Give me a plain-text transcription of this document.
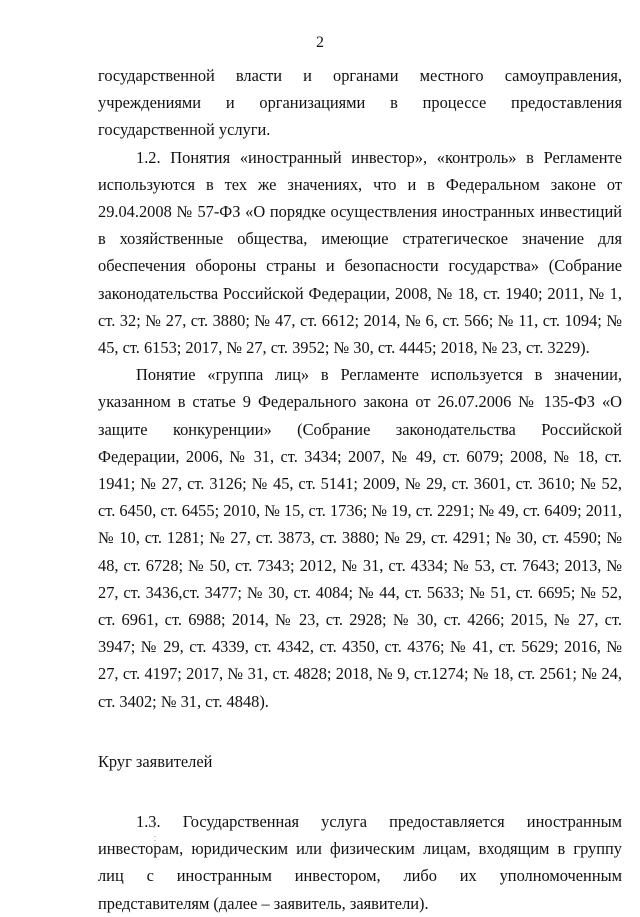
2

государственной власти и органами местного самоуправления, учреждениями и организациями в процессе предоставления государственной услуги.

1.2. Понятия «иностранный инвестор», «контроль» в Регламенте используются в тех же значениях, что и в Федеральном законе от 29.04.2008 № 57-ФЗ «О порядке осуществления иностранных инвестиций в хозяйственные общества, имеющие стратегическое значение для обеспечения обороны страны и безопасности государства» (Собрание законодательства Российской Федерации, 2008, № 18, ст. 1940; 2011, № 1, ст. 32; № 27, ст. 3880; № 47, ст. 6612; 2014, № 6, ст. 566; № 11, ст. 1094; № 45, ст. 6153; 2017, № 27, ст. 3952; № 30, ст. 4445; 2018, № 23, ст. 3229).

Понятие «группа лиц» в Регламенте используется в значении, указанном в статье 9 Федерального закона от 26.07.2006 № 135-ФЗ «О защите конкуренции» (Собрание законодательства Российской Федерации, 2006, № 31, ст. 3434; 2007, № 49, ст. 6079; 2008, № 18, ст. 1941; № 27, ст. 3126; № 45, ст. 5141; 2009, № 29, ст. 3601, ст. 3610; № 52, ст. 6450, ст. 6455; 2010, № 15, ст. 1736; № 19, ст. 2291; № 49, ст. 6409; 2011, № 10, ст. 1281; № 27, ст. 3873, ст. 3880; № 29, ст. 4291; № 30, ст. 4590; № 48, ст. 6728; № 50, ст. 7343; 2012, № 31, ст. 4334; № 53, ст. 7643; 2013, № 27, ст. 3436,ст. 3477; № 30, ст. 4084; № 44, ст. 5633; № 51, ст. 6695; № 52, ст. 6961, ст. 6988; 2014, № 23, ст. 2928; № 30, ст. 4266; 2015, № 27, ст. 3947; № 29, ст. 4339, ст. 4342, ст. 4350, ст. 4376; № 41, ст. 5629; 2016, № 27, ст. 4197; 2017, № 31, ст. 4828; 2018, № 9, ст.1274; № 18, ст. 2561; № 24, ст. 3402; № 31, ст. 4848).

Круг заявителей

1.3. Государственная услуга предоставляется иностранным инвесторам, юридическим или физическим лицам, входящим в группу лиц с иностранным инвестором, либо их уполномоченным представителям (далее – заявитель, заявители).
